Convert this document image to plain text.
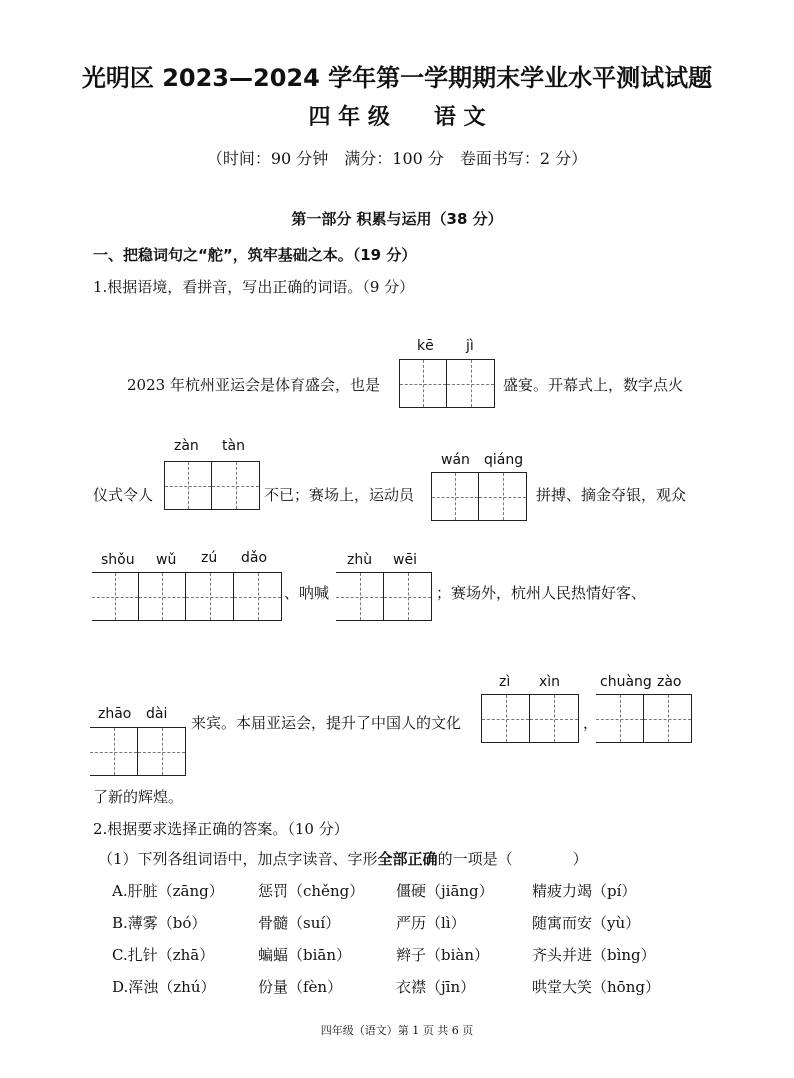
光明区 2023—2024 学年第一学期期末学业水平测试试题
四 年 级　　语 文
（时间：90 分钟　满分：100 分　卷面书写：2 分）
第一部分 积累与运用（38 分）
一、把稳词句之“舵”，筑牢基础之本。（19 分）
1.根据语境，看拼音，写出正确的词语。（9 分）
kē jì
2023 年杭州亚运会是体育盛会，也是	盛宴。开幕式上，数字点火
zàn tàn
wán qiáng
仪式令人	不已；赛场上，运动员	拼搏、摘金夺银，观众
shǒu wǔ zú dǎo	zhù wēi
、呐喊	；赛场外，杭州人民热情好客、
zì xìn	chuàng zào
zhāo dài 来宾。本届亚运会，提升了中国人的文化	，
了新的辉煌。
2.根据要求选择正确的答案。（10 分）
（1）下列各组词语中，加点字读音、字形全部正确的一项是（　　　　）
A.肝脏（zāng） 惩罚（chěng） 僵硬（jiāng）	精疲力竭（pí）
B.薄雾（bó）	骨髓（suí）	严历（lì）	随寓而安（yù）
C.扎针（zhā）	蝙蝠（biān）	辫子（biàn）	齐头并进（bìng）
D.浑浊（zhú）	份量（fèn）	衣襟（jīn）	哄堂大笑（hōng）
四年级（语文）第 1 页 共 6 页
